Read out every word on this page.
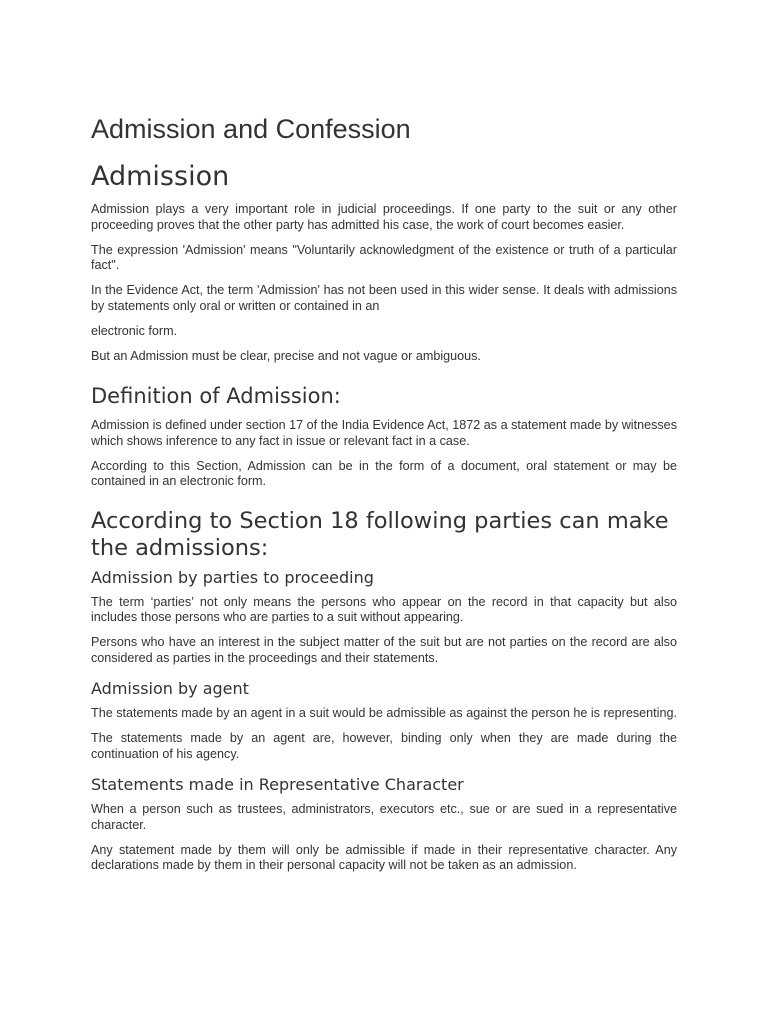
Admission and Confession
Admission

Admission plays a very important role in judicial proceedings. If one party to the suit or any other proceeding proves that the other party has admitted his case, the work of court becomes easier.

The expression 'Admission' means "Voluntarily acknowledgment of the existence or truth of a particular fact".

In the Evidence Act, the term 'Admission' has not been used in this wider sense. It deals with admissions by statements only oral or written or contained in an

electronic form.

But an Admission must be clear, precise and not vague or ambiguous.

Definition of Admission:

Admission is defined under section 17 of the India Evidence Act, 1872 as a statement made by witnesses which shows inference to any fact in issue or relevant fact in a case.

According to this Section, Admission can be in the form of a document, oral statement or may be contained in an electronic form.

According to Section 18 following parties can make the admissions:
Admission by parties to proceeding

The term ‘parties’ not only means the persons who appear on the record in that capacity but also includes those persons who are parties to a suit without appearing.

Persons who have an interest in the subject matter of the suit but are not parties on the record are also considered as parties in the proceedings and their statements.

Admission by agent

The statements made by an agent in a suit would be admissible as against the person he is representing.

The statements made by an agent are, however, binding only when they are made during the continuation of his agency.

Statements made in Representative Character

When a person such as trustees, administrators, executors etc., sue or are sued in a representative character.

Any statement made by them will only be admissible if made in their representative character. Any declarations made by them in their personal capacity will not be taken as an admission.
